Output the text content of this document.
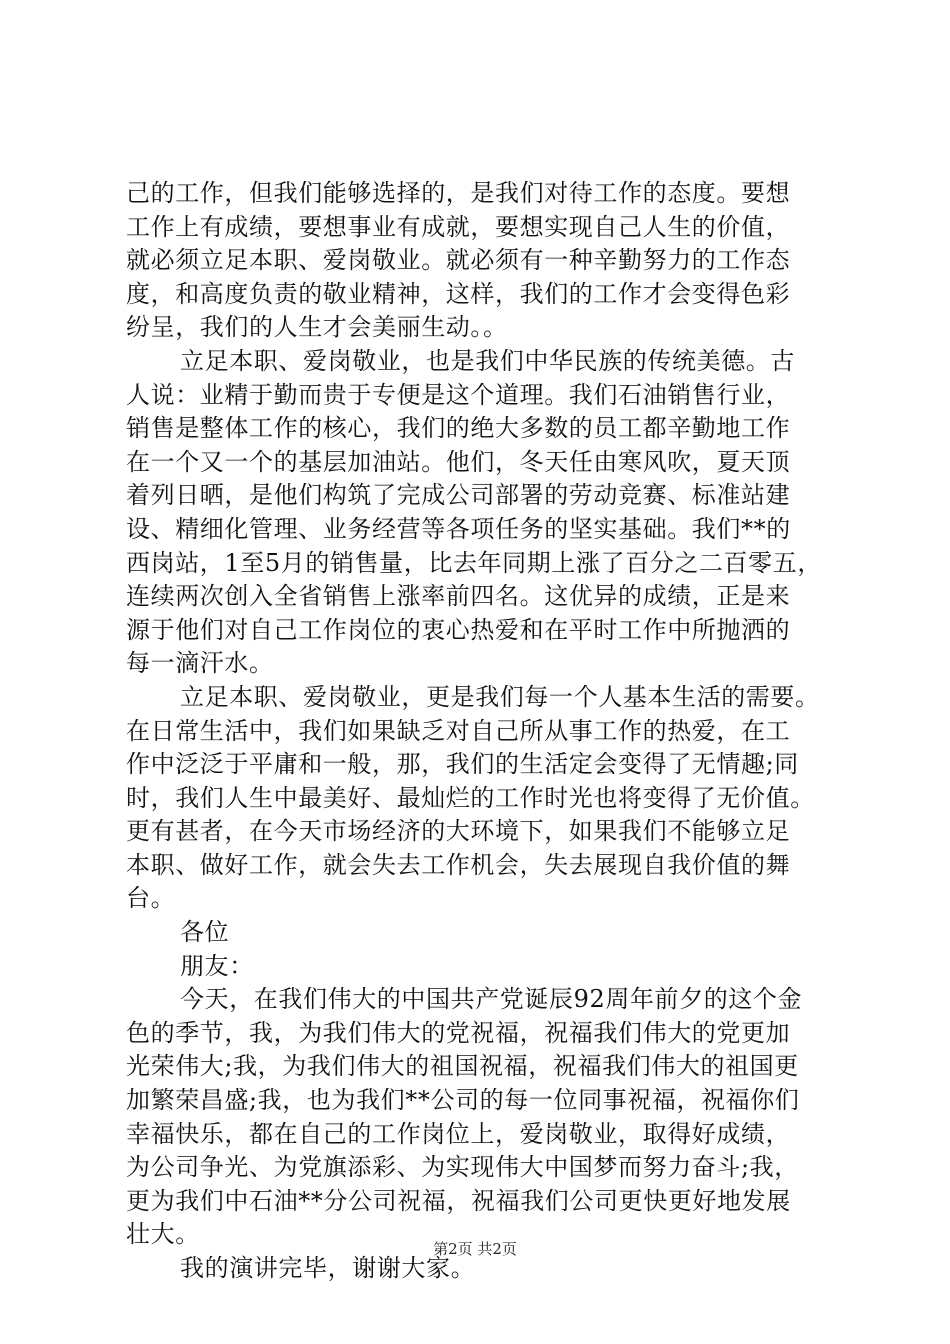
己的工作，但我们能够选择的，是我们对待工作的态度。要想
工作上有成绩，要想事业有成就，要想实现自己人生的价值，
就必须立足本职、爱岗敬业。就必须有一种辛勤努力的工作态
度，和高度负责的敬业精神，这样，我们的工作才会变得色彩
纷呈，我们的人生才会美丽生动。。
立足本职、爱岗敬业，也是我们中华民族的传统美德。古
人说：业精于勤而贵于专便是这个道理。我们石油销售行业，
销售是整体工作的核心，我们的绝大多数的员工都辛勤地工作
在一个又一个的基层加油站。他们，冬天任由寒风吹，夏天顶
着列日晒，是他们构筑了完成公司部署的劳动竞赛、标准站建
设、精细化管理、业务经营等各项任务的坚实基础。我们**的
西岗站，1至5月的销售量，比去年同期上涨了百分之二百零五，
连续两次创入全省销售上涨率前四名。这优异的成绩，正是来
源于他们对自己工作岗位的衷心热爱和在平时工作中所抛洒的
每一滴汗水。
立足本职、爱岗敬业，更是我们每一个人基本生活的需要。
在日常生活中，我们如果缺乏对自己所从事工作的热爱，在工
作中泛泛于平庸和一般，那，我们的生活定会变得了无情趣;同
时，我们人生中最美好、最灿烂的工作时光也将变得了无价值。
更有甚者，在今天市场经济的大环境下，如果我们不能够立足
本职、做好工作，就会失去工作机会，失去展现自我价值的舞
台。
各位
朋友：
今天，在我们伟大的中国共产党诞辰92周年前夕的这个金
色的季节，我，为我们伟大的党祝福，祝福我们伟大的党更加
光荣伟大;我，为我们伟大的祖国祝福，祝福我们伟大的祖国更
加繁荣昌盛;我，也为我们**公司的每一位同事祝福，祝福你们
幸福快乐，都在自己的工作岗位上，爱岗敬业，取得好成绩，
为公司争光、为党旗添彩、为实现伟大中国梦而努力奋斗;我，
更为我们中石油**分公司祝福，祝福我们公司更快更好地发展
壮大。
我的演讲完毕，谢谢大家。
第2页 共2页
